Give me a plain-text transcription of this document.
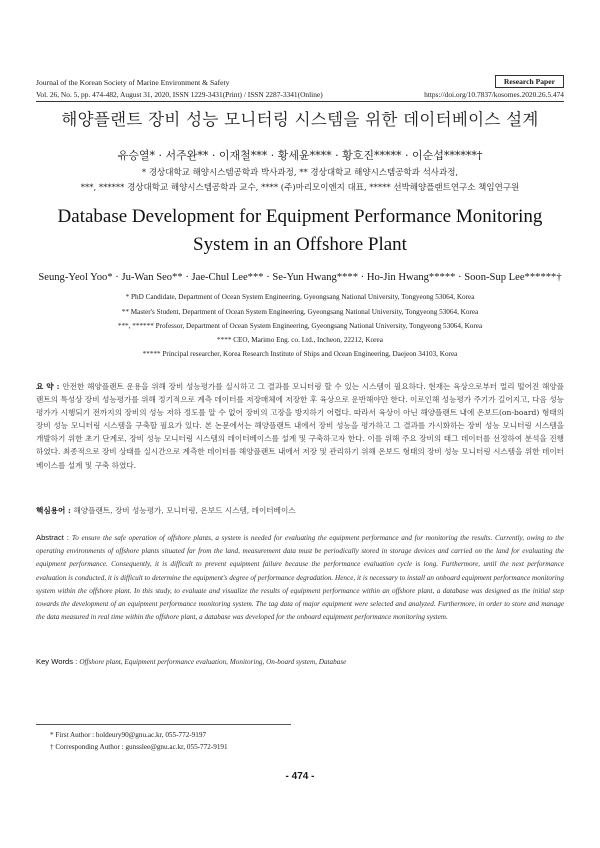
Journal of the Korean Society of Marine Environment & Safety	Research Paper
Vol. 26, No. 5, pp. 474-482, August 31, 2020, ISSN 1229-3431(Print) / ISSN 2287-3341(Online)	https://doi.org/10.7837/kosomes.2020.26.5.474
해양플랜트 장비 성능 모니터링 시스템을 위한 데이터베이스 설계
유승열* · 서주완** · 이재철*** · 황세윤**** · 황호진***** · 이순섭******†
* 경상대학교 해양시스템공학과 박사과정, ** 경상대학교 해양시스템공학과 석사과정,
***, ****** 경상대학교 해양시스템공학과 교수, **** (주)마리모이엔지 대표, ***** 선박해양플랜트연구소 책임연구원
Database Development for Equipment Performance Monitoring System in an Offshore Plant
Seung-Yeol Yoo* · Ju-Wan Seo** · Jae-Chul Lee*** · Se-Yun Hwang**** · Ho-Jin Hwang***** · Soon-Sup Lee******†
* PhD Candidate, Department of Ocean System Engineering, Gyeongsang National University, Tongyeong 53064, Korea
** Master's Student, Department of Ocean System Engineering, Gyeongsang National University, Tongyeong 53064, Korea
***, ****** Professor, Department of Ocean System Engineering, Gyeongsang National University, Tongyeong 53064, Korea
**** CEO, Marimo Eng. co. Ltd., Incheon, 22212, Korea
***** Principal researcher, Korea Research Institute of Ships and Ocean Engineering, Daejeon 34103, Korea
요 약 : 안전한 해양플랜트 운용을 위해 장비 성능평가를 실시하고 그 결과를 모니터링 할 수 있는 시스템이 필요하다. 현재는 육상으로부터 멀리 떨어진 해양플랜트의 특성상 장비 성능평가를 위해 정기적으로 계측 데이터를 저장매체에 저장한 후 육상으로 운반해야만 한다. 이로인해 성능평가 주기가 길어지고, 다음 성능평가가 시행되기 전까지의 장비의 성능 저하 정도를 알 수 없어 장비의 고장을 방지하기 어렵다. 따라서 육상이 아닌 해양플랜트 내에 온보드(on-board) 형태의 장비 성능 모니터링 시스템을 구축할 필요가 있다. 본 논문에서는 해양플랜트 내에서 장비 성능을 평가하고 그 결과를 가시화하는 장비 성능 모니터링 시스템을 개발하기 위한 초기 단계로, 장비 성능 모니터링 시스템의 데이터베이스를 설계 및 구축하고자 한다. 이를 위해 주요 장비의 태그 데이터를 선정하여 분석을 진행하였다. 최종적으로 장비 상태를 실시간으로 계측한 데이터를 해양플랜트 내에서 저장 및 관리하기 위해 온보드 형태의 장비 성능 모니터링 시스템을 위한 데이터베이스를 설계 및 구축 하였다.
핵심용어 : 해양플랜트, 장비 성능평가, 모니터링, 온보드 시스템, 데이터베이스
Abstract : To ensure the safe operation of offshore plants, a system is needed for evaluating the equipment performance and for monitoring the results. Currently, owing to the operating environments of offshore plants situated far from the land, measurement data must be periodically stored in storage devices and carried on the land for evaluating the equipment performance. Consequently, it is difficult to prevent equipment failure because the performance evaluation cycle is long. Furthermore, until the next performance evaluation is conducted, it is difficult to determine the equipment's degree of performance degradation. Hence, it is necessary to install an onboard equipment performance monitoring system within the offshore plant. In this study, to evaluate and visualize the results of equipment performance within an offshore plant, a database was designed as the initial step towards the development of an equipment performance monitoring system. The tag data of major equipment were selected and analyzed. Furthermore, in order to store and manage the data measured in real time within the offshore plant, a database was developed for the onboard equipment performance monitoring system.
Key Words : Offshore plant, Equipment performance evaluation, Monitoring, On-board system, Database
* First Author : holdeury90@gnu.ac.kr, 055-772-9197
† Corresponding Author : gunsslee@gnu.ac.kr, 055-772-9191
- 474 -
